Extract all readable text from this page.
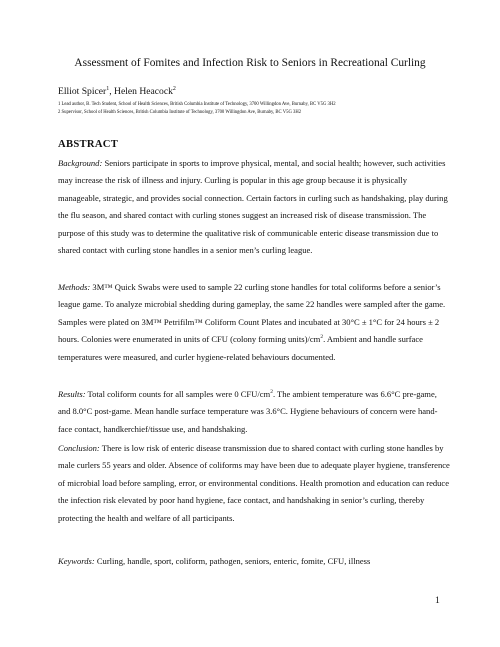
Assessment of Fomites and Infection Risk to Seniors in Recreational Curling
Elliot Spicer$^1$, Helen Heacock$^2$
1 Lead author, B. Tech Student, School of Health Sciences, British Columbia Institute of Technology, 3700 Willingdon Ave, Burnaby, BC V5G 3H2
2 Supervisor, School of Health Sciences, British Columbia Institute of Technology, 3700 Willingdon Ave, Burnaby, BC V5G 3H2
ABSTRACT

Background: Seniors participate in sports to improve physical, mental, and social health; however, such activities may increase the risk of illness and injury. Curling is popular in this age group because it is physically manageable, strategic, and provides social connection. Certain factors in curling such as handshaking, play during the flu season, and shared contact with curling stones suggest an increased risk of disease transmission. The purpose of this study was to determine the qualitative risk of communicable enteric disease transmission due to shared contact with curling stone handles in a senior men’s curling league.

Methods: 3M™ Quick Swabs were used to sample 22 curling stone handles for total coliforms before a senior’s league game. To analyze microbial shedding during gameplay, the same 22 handles were sampled after the game. Samples were plated on 3M™ Petrifilm™ Coliform Count Plates and incubated at 30°C ± 1°C for 24 hours ± 2 hours. Colonies were enumerated in units of CFU (colony forming $units)/cm^2$. Ambient and handle surface temperatures were measured, and curler hygiene-related behaviours documented.

Results: Total coliform counts for all samples were 0 CFU/$cm^2$. The ambient temperature was 6.6°C pre-game, and 8.0°C post-game. Mean handle surface temperature was 3.6°C. Hygiene behaviours of concern were hand-face contact, handkerchief/tissue use, and handshaking.

Conclusion: There is low risk of enteric disease transmission due to shared contact with curling stone handles by male curlers 55 years and older. Absence of coliforms may have been due to adequate player hygiene, transference of microbial load before sampling, error, or environmental conditions. Health promotion and education can reduce the infection risk elevated by poor hand hygiene, face contact, and handshaking in senior’s curling, thereby protecting the health and welfare of all participants.

Keywords: Curling, handle, sport, coliform, pathogen, seniors, enteric, fomite, CFU, illness

1
